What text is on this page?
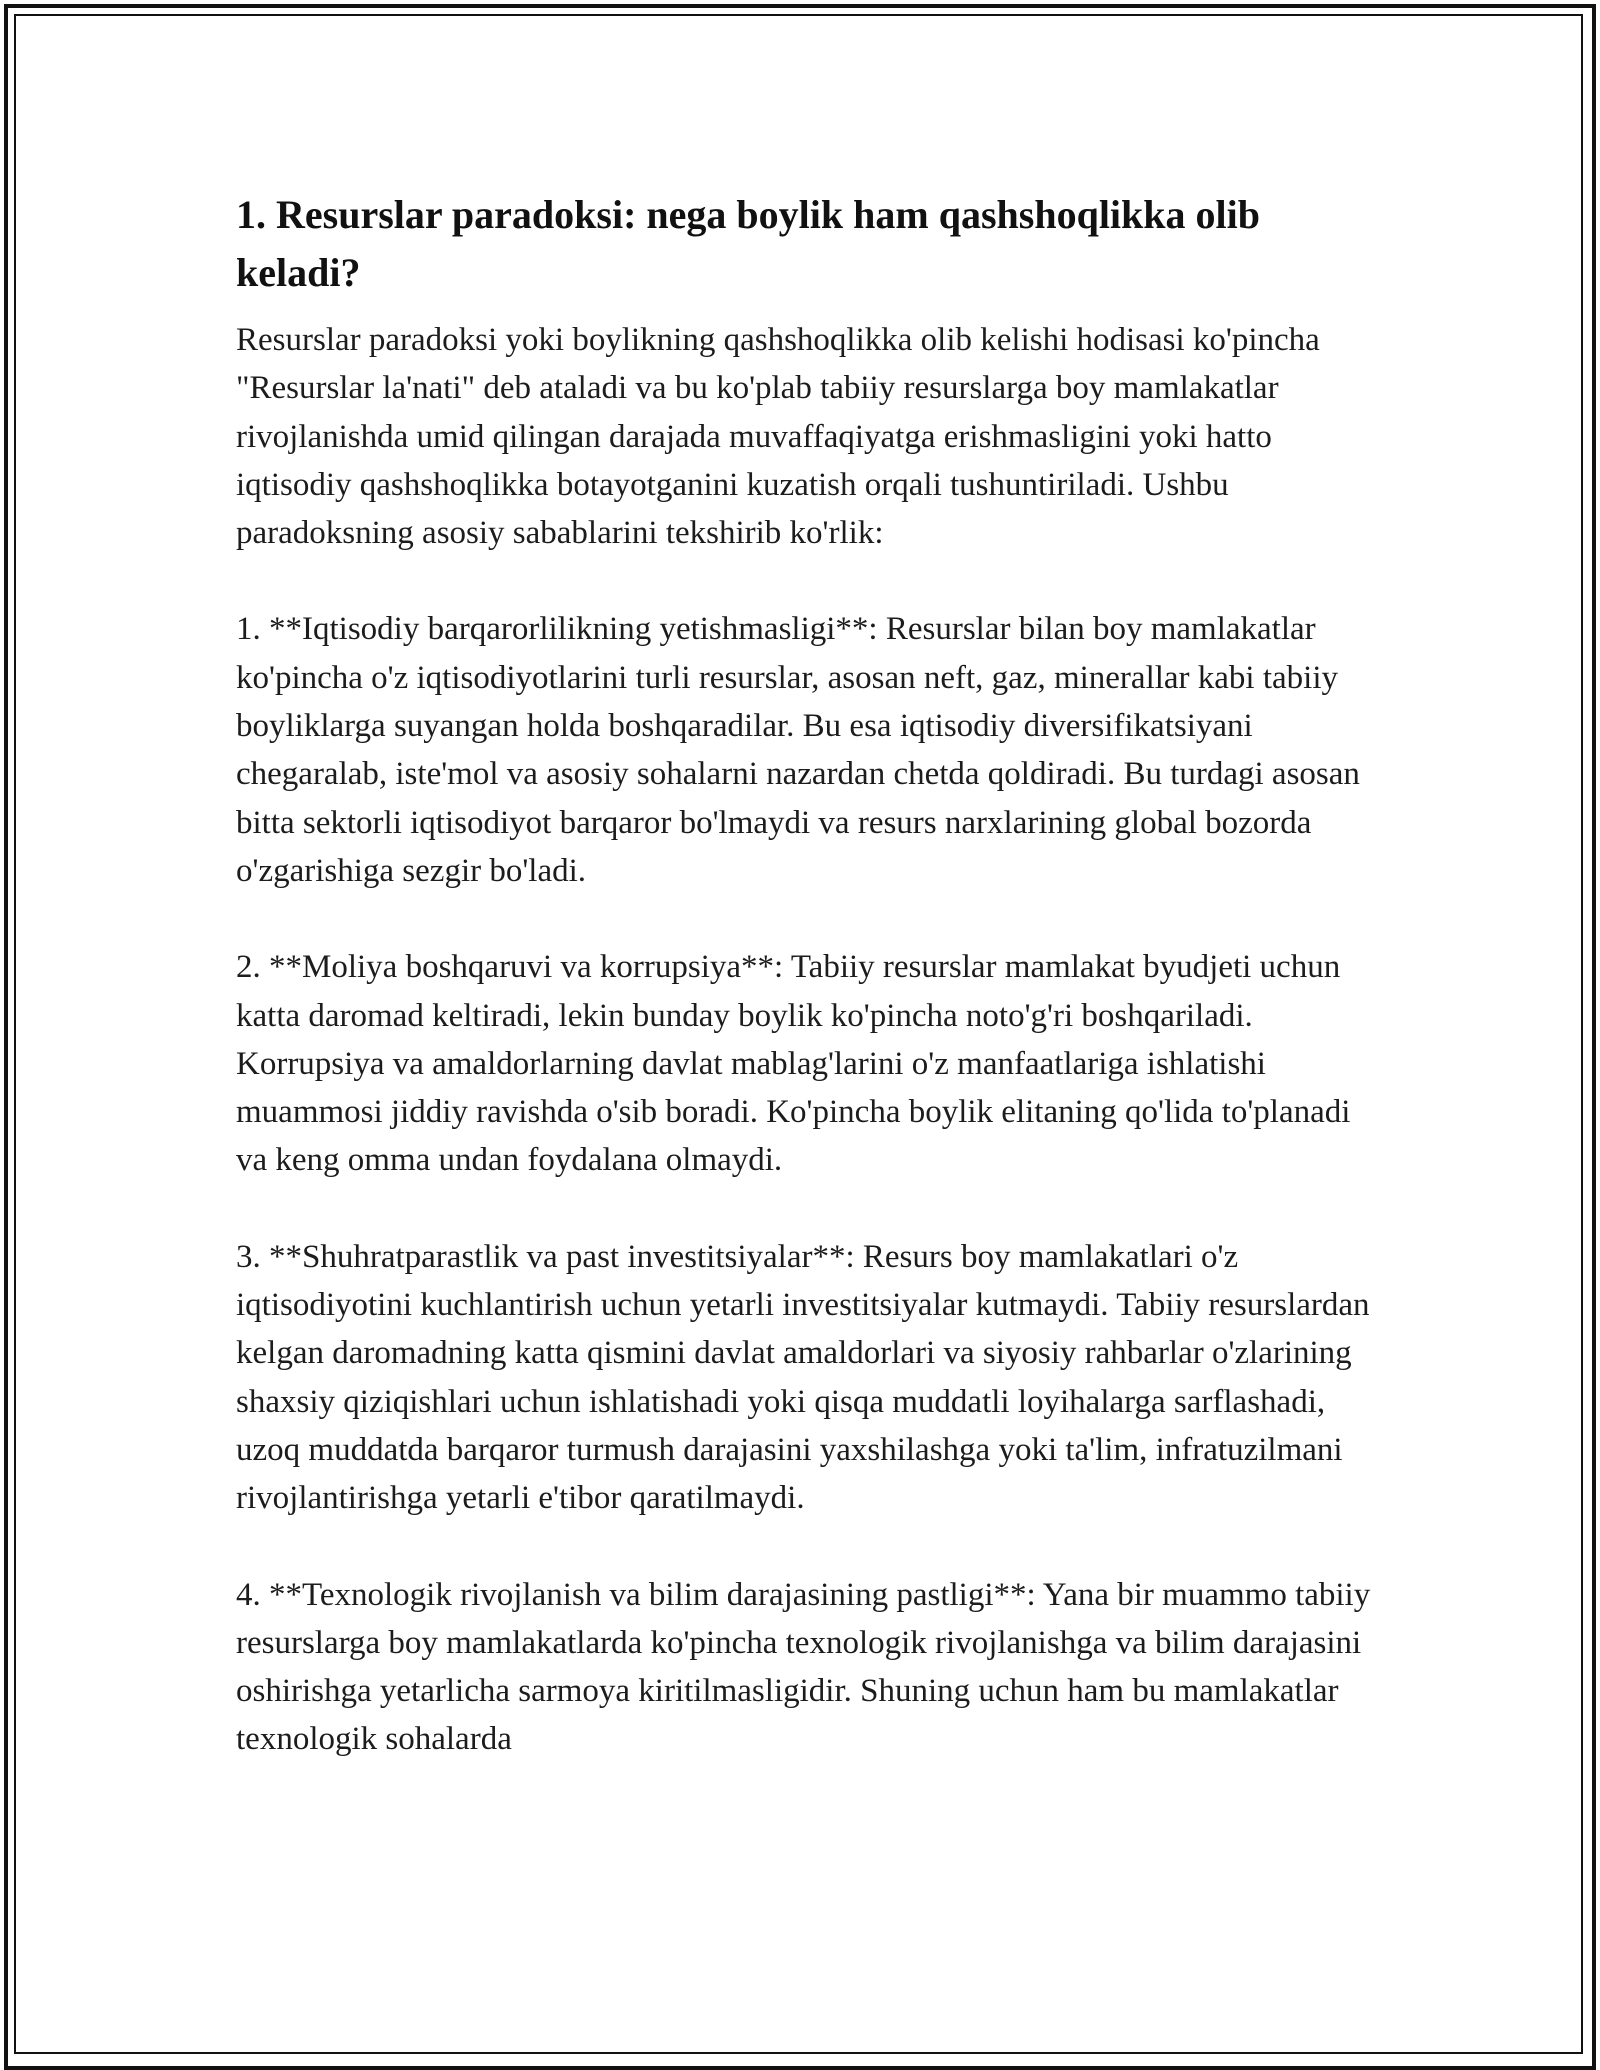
1. Resurslar paradoksi: nega boylik ham qashshoqlikka olib keladi?

Resurslar paradoksi yoki boylikning qashshoqlikka olib kelishi hodisasi ko'pincha "Resurslar la'nati" deb ataladi va bu ko'plab tabiiy resurslarga boy mamlakatlar rivojlanishda umid qilingan darajada muvaffaqiyatga erishmasligini yoki hatto iqtisodiy qashshoqlikka botayotganini kuzatish orqali tushuntiriladi. Ushbu paradoksning asosiy sabablarini tekshirib ko'rlik:

1. **Iqtisodiy barqarorlilikning yetishmasligi**: Resurslar bilan boy mamlakatlar ko'pincha o'z iqtisodiyotlarini turli resurslar, asosan neft, gaz, minerallar kabi tabiiy boyliklarga suyangan holda boshqaradilar. Bu esa iqtisodiy diversifikatsiyani chegaralab, iste'mol va asosiy sohalarni nazardan chetda qoldiradi. Bu turdagi asosan bitta sektorli iqtisodiyot barqaror bo'lmaydi va resurs narxlarining global bozorda o'zgarishiga sezgir bo'ladi.

2. **Moliya boshqaruvi va korrupsiya**: Tabiiy resurslar mamlakat byudjeti uchun katta daromad keltiradi, lekin bunday boylik ko'pincha noto'g'ri boshqariladi. Korrupsiya va amaldorlarning davlat mablag'larini o'z manfaatlariga ishlatishi muammosi jiddiy ravishda o'sib boradi. Ko'pincha boylik elitaning qo'lida to'planadi va keng omma undan foydalana olmaydi.

3. **Shuhratparastlik va past investitsiyalar**: Resurs boy mamlakatlari o'z iqtisodiyotini kuchlantirish uchun yetarli investitsiyalar kutmaydi. Tabiiy resurslardan kelgan daromadning katta qismini davlat amaldorlari va siyosiy rahbarlar o'zlarining shaxsiy qiziqishlari uchun ishlatishadi yoki qisqa muddatli loyihalarga sarflashadi, uzoq muddatda barqaror turmush darajasini yaxshilashga yoki ta'lim, infratuzilmani rivojlantirishga yetarli e'tibor qaratilmaydi.

4. **Texnologik rivojlanish va bilim darajasining pastligi**: Yana bir muammo tabiiy resurslarga boy mamlakatlarda ko'pincha texnologik rivojlanishga va bilim darajasini oshirishga yetarlicha sarmoya kiritilmasligidir. Shuning uchun ham bu mamlakatlar texnologik sohalarda
